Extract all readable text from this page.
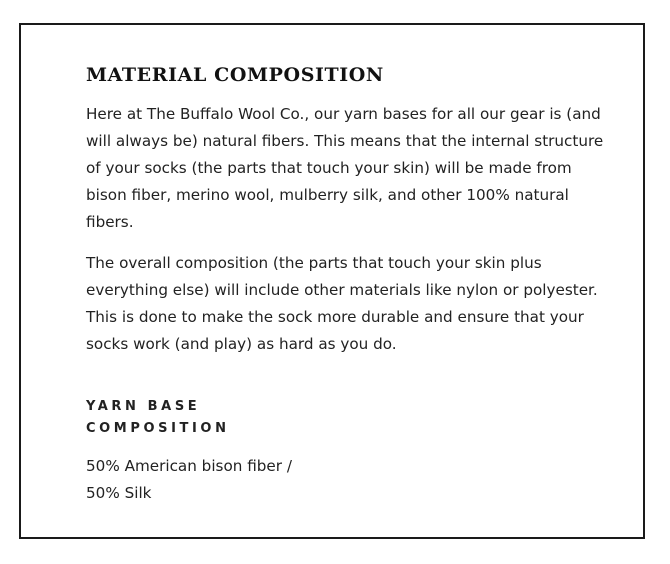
MATERIAL COMPOSITION

Here at The Buffalo Wool Co., our yarn bases for all our gear is (and will always be) natural fibers. This means that the internal structure of your socks (the parts that touch your skin) will be made from bison fiber, merino wool, mulberry silk, and other 100% natural fibers.

The overall composition (the parts that touch your skin plus everything else) will include other materials like nylon or polyester. This is done to make the sock more durable and ensure that your socks work (and play) as hard as you do.

YARN BASE
COMPOSITION
50% American bison fiber /
50% Silk
